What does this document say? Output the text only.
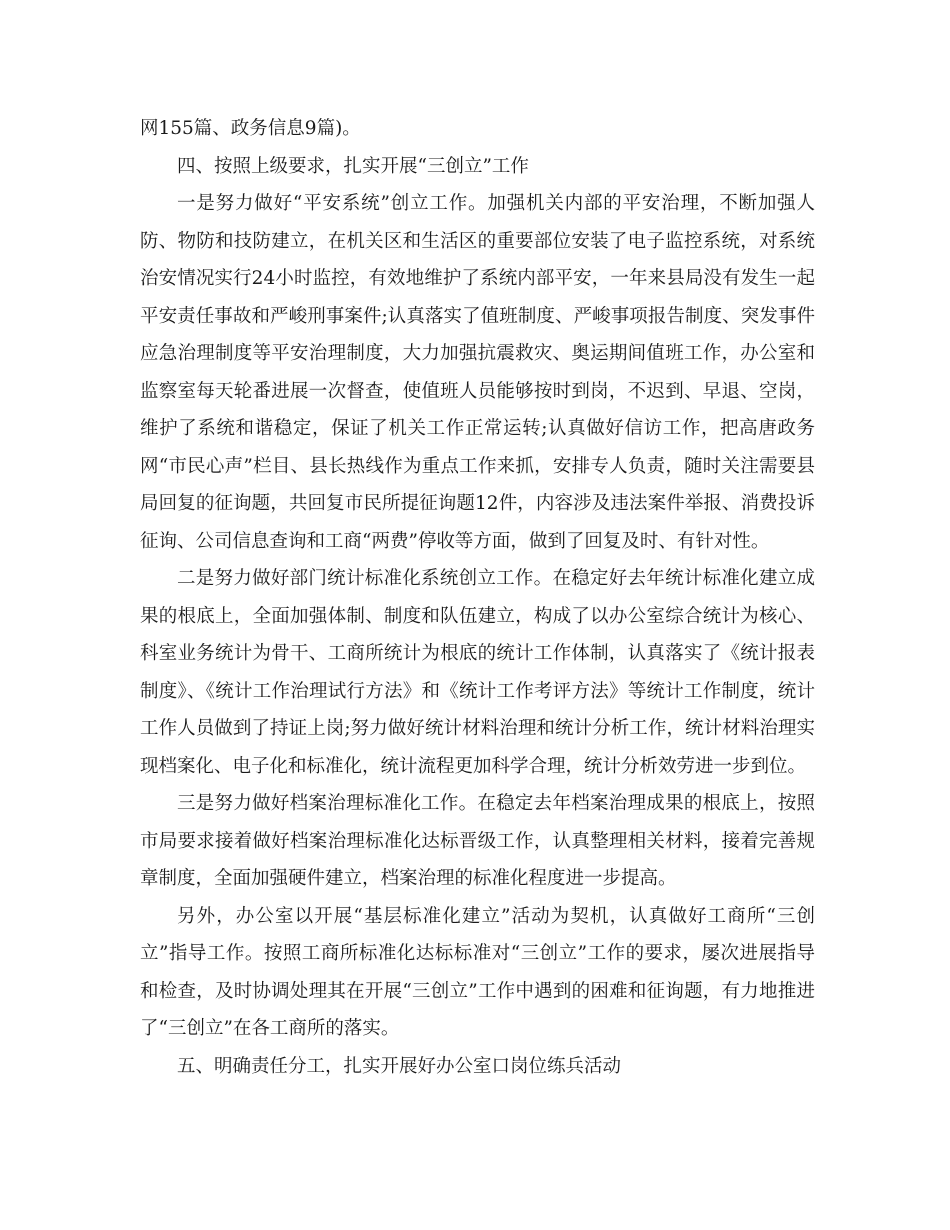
网155篇、政务信息9篇)。

四、按照上级要求，扎实开展“三创立”工作

一是努力做好“平安系统”创立工作。加强机关内部的平安治理，不断加强人防、物防和技防建立，在机关区和生活区的重要部位安装了电子监控系统，对系统治安情况实行24小时监控，有效地维护了系统内部平安，一年来县局没有发生一起平安责任事故和严峻刑事案件;认真落实了值班制度、严峻事项报告制度、突发事件应急治理制度等平安治理制度，大力加强抗震救灾、奥运期间值班工作，办公室和监察室每天轮番进展一次督查，使值班人员能够按时到岗，不迟到、早退、空岗，维护了系统和谐稳定，保证了机关工作正常运转;认真做好信访工作，把高唐政务网“市民心声”栏目、县长热线作为重点工作来抓，安排专人负责，随时关注需要县局回复的征询题，共回复市民所提征询题12件，内容涉及违法案件举报、消费投诉征询、公司信息查询和工商“两费”停收等方面，做到了回复及时、有针对性。

二是努力做好部门统计标准化系统创立工作。在稳定好去年统计标准化建立成果的根底上，全面加强体制、制度和队伍建立，构成了以办公室综合统计为核心、科室业务统计为骨干、工商所统计为根底的统计工作体制，认真落实了《统计报表制度》、《统计工作治理试行方法》和《统计工作考评方法》等统计工作制度，统计工作人员做到了持证上岗;努力做好统计材料治理和统计分析工作，统计材料治理实现档案化、电子化和标准化，统计流程更加科学合理，统计分析效劳进一步到位。

三是努力做好档案治理标准化工作。在稳定去年档案治理成果的根底上，按照市局要求接着做好档案治理标准化达标晋级工作，认真整理相关材料，接着完善规章制度，全面加强硬件建立，档案治理的标准化程度进一步提高。

另外，办公室以开展“基层标准化建立”活动为契机，认真做好工商所“三创立”指导工作。按照工商所标准化达标标准对“三创立”工作的要求，屡次进展指导和检查，及时协调处理其在开展“三创立”工作中遇到的困难和征询题，有力地推进了“三创立”在各工商所的落实。

五、明确责任分工，扎实开展好办公室口岗位练兵活动
